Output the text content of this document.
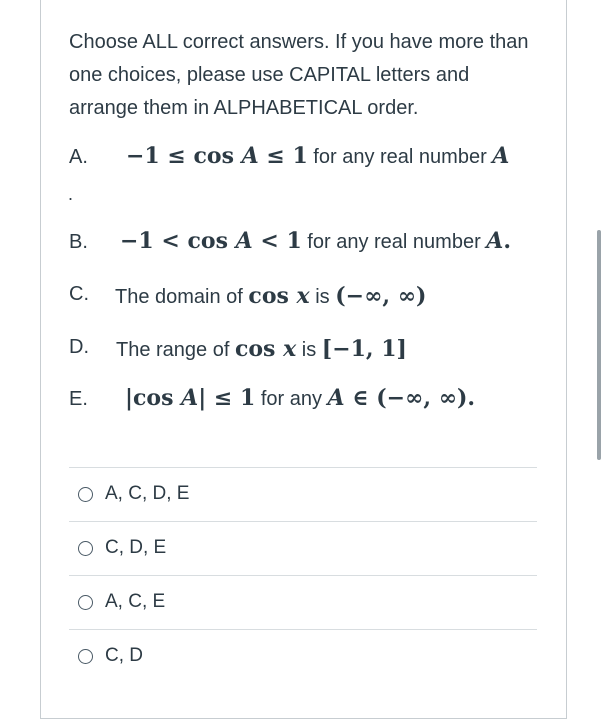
Choose ALL correct answers. If you have more than one choices, please use CAPITAL letters and arrange them in ALPHABETICAL order.
A. −1 ≤ cos A ≤ 1 for any real number A
.
B. −1 < cos A < 1 for any real number A.
C. The domain of cos x is (−∞, ∞)
D. The range of cos x is [−1, 1]
E. |cos A| ≤ 1 for any A ∈ (−∞, ∞).
A, C, D, E
C, D, E
A, C, E
C, D
